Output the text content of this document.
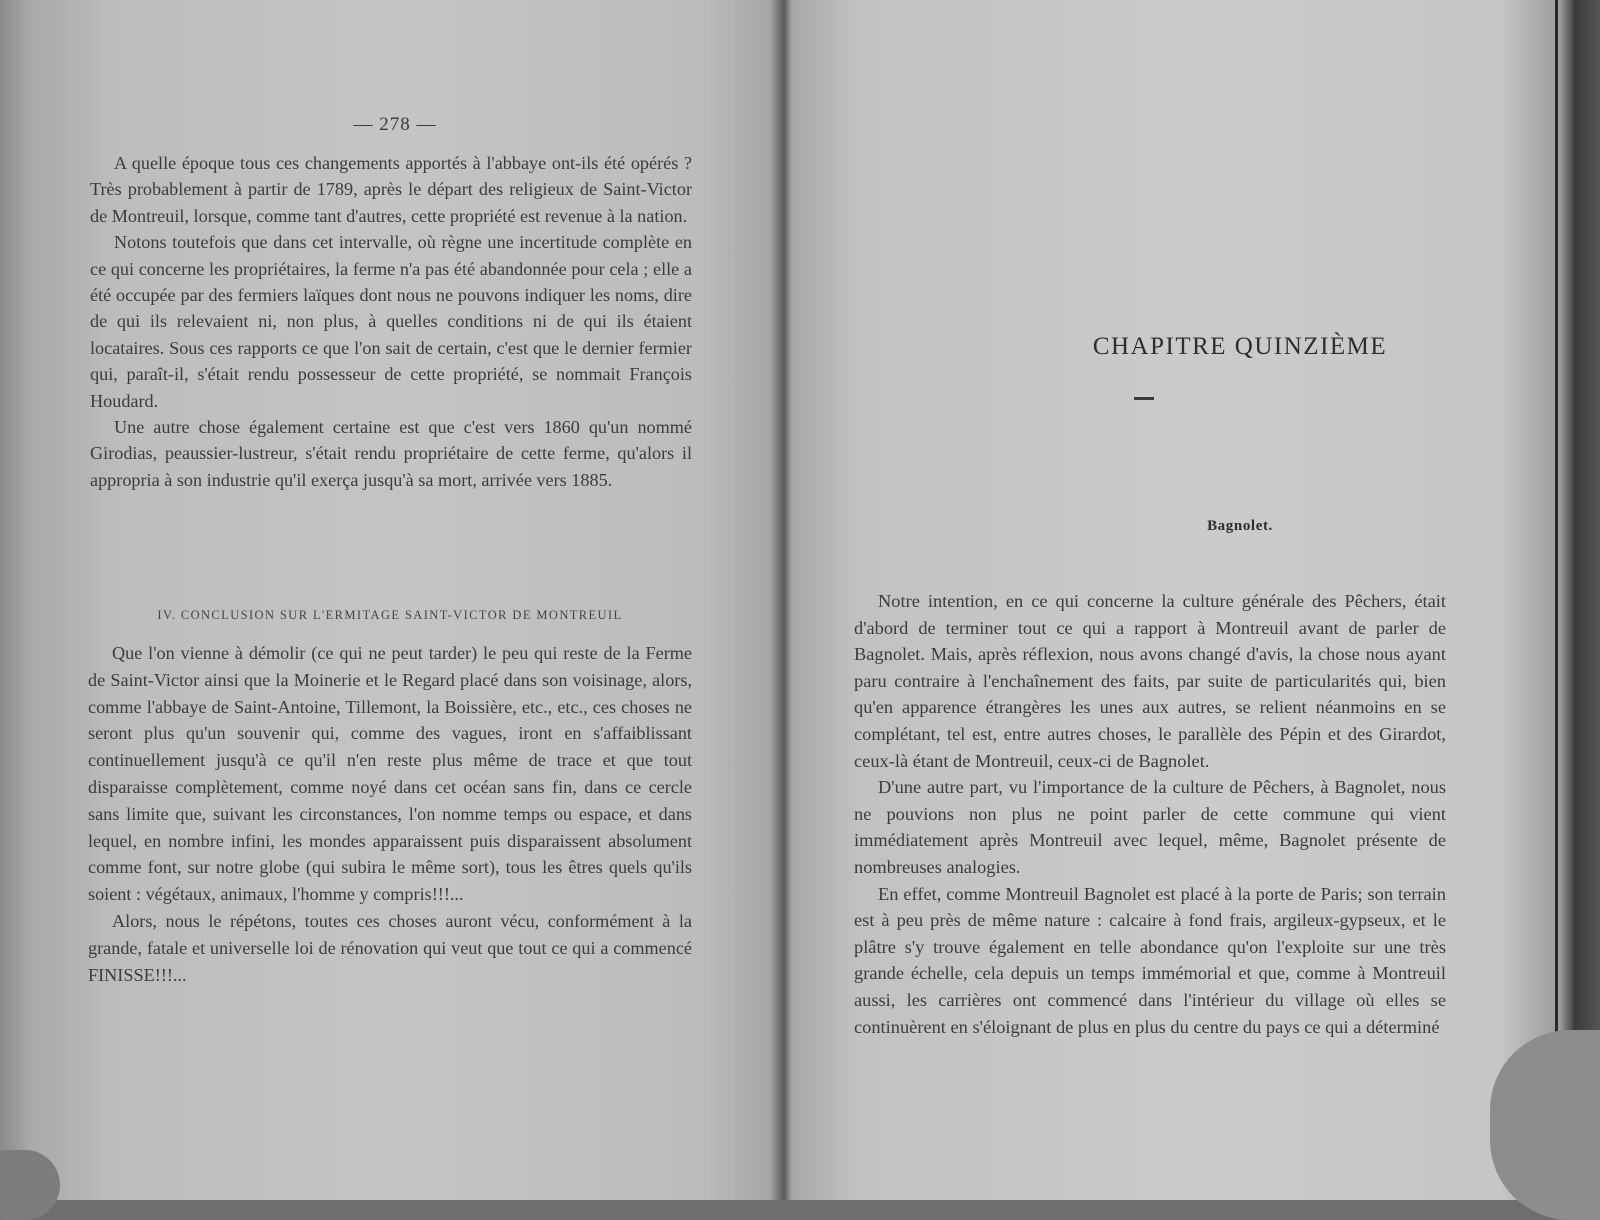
— 278 —

A quelle époque tous ces changements apportés à l'abbaye ont-ils été opérés ? Très probablement à partir de 1789, après le départ des religieux de Saint-Victor de Montreuil, lorsque, comme tant d'autres, cette propriété est revenue à la nation.

Notons toutefois que dans cet intervalle, où règne une incertitude complète en ce qui concerne les propriétaires, la ferme n'a pas été abandonnée pour cela ; elle a été occupée par des fermiers laïques dont nous ne pouvons indiquer les noms, dire de qui ils relevaient ni, non plus, à quelles conditions ni de qui ils étaient locataires. Sous ces rapports ce que l'on sait de certain, c'est que le dernier fermier qui, paraît-il, s'était rendu possesseur de cette propriété, se nommait François Houdard.

Une autre chose également certaine est que c'est vers 1860 qu'un nommé Girodias, peaussier-lustreur, s'était rendu propriétaire de cette ferme, qu'alors il appropria à son industrie qu'il exerça jusqu'à sa mort, arrivée vers 1885.

IV. CONCLUSION SUR L'ERMITAGE SAINT-VICTOR DE MONTREUIL

Que l'on vienne à démolir (ce qui ne peut tarder) le peu qui reste de la Ferme de Saint-Victor ainsi que la Moinerie et le Regard placé dans son voisinage, alors, comme l'abbaye de Saint-Antoine, Tillemont, la Boissière, etc., etc., ces choses ne seront plus qu'un souvenir qui, comme des vagues, iront en s'affaiblissant continuellement jusqu'à ce qu'il n'en reste plus même de trace et que tout disparaisse complètement, comme noyé dans cet océan sans fin, dans ce cercle sans limite que, suivant les circonstances, l'on nomme temps ou espace, et dans lequel, en nombre infini, les mondes apparaissent puis disparaissent absolument comme font, sur notre globe (qui subira le même sort), tous les êtres quels qu'ils soient : végétaux, animaux, l'homme y compris!!!...

Alors, nous le répétons, toutes ces choses auront vécu, conformément à la grande, fatale et universelle loi de rénovation qui veut que tout ce qui a commencé FINISSE!!!...

CHAPITRE QUINZIÈME
Bagnolet.

Notre intention, en ce qui concerne la culture générale des Pêchers, était d'abord de terminer tout ce qui a rapport à Montreuil avant de parler de Bagnolet. Mais, après réflexion, nous avons changé d'avis, la chose nous ayant paru contraire à l'enchaînement des faits, par suite de particularités qui, bien qu'en apparence étrangères les unes aux autres, se relient néanmoins en se complétant, tel est, entre autres choses, le parallèle des Pépin et des Girardot, ceux-là étant de Montreuil, ceux-ci de Bagnolet.

D'une autre part, vu l'importance de la culture de Pêchers, à Bagnolet, nous ne pouvions non plus ne point parler de cette commune qui vient immédiatement après Montreuil avec lequel, même, Bagnolet présente de nombreuses analogies.

En effet, comme Montreuil Bagnolet est placé à la porte de Paris; son terrain est à peu près de même nature : calcaire à fond frais, argileux-gypseux, et le plâtre s'y trouve également en telle abondance qu'on l'exploite sur une très grande échelle, cela depuis un temps immémorial et que, comme à Montreuil aussi, les carrières ont commencé dans l'intérieur du village où elles se continuèrent en s'éloignant de plus en plus du centre du pays ce qui a déterminé
